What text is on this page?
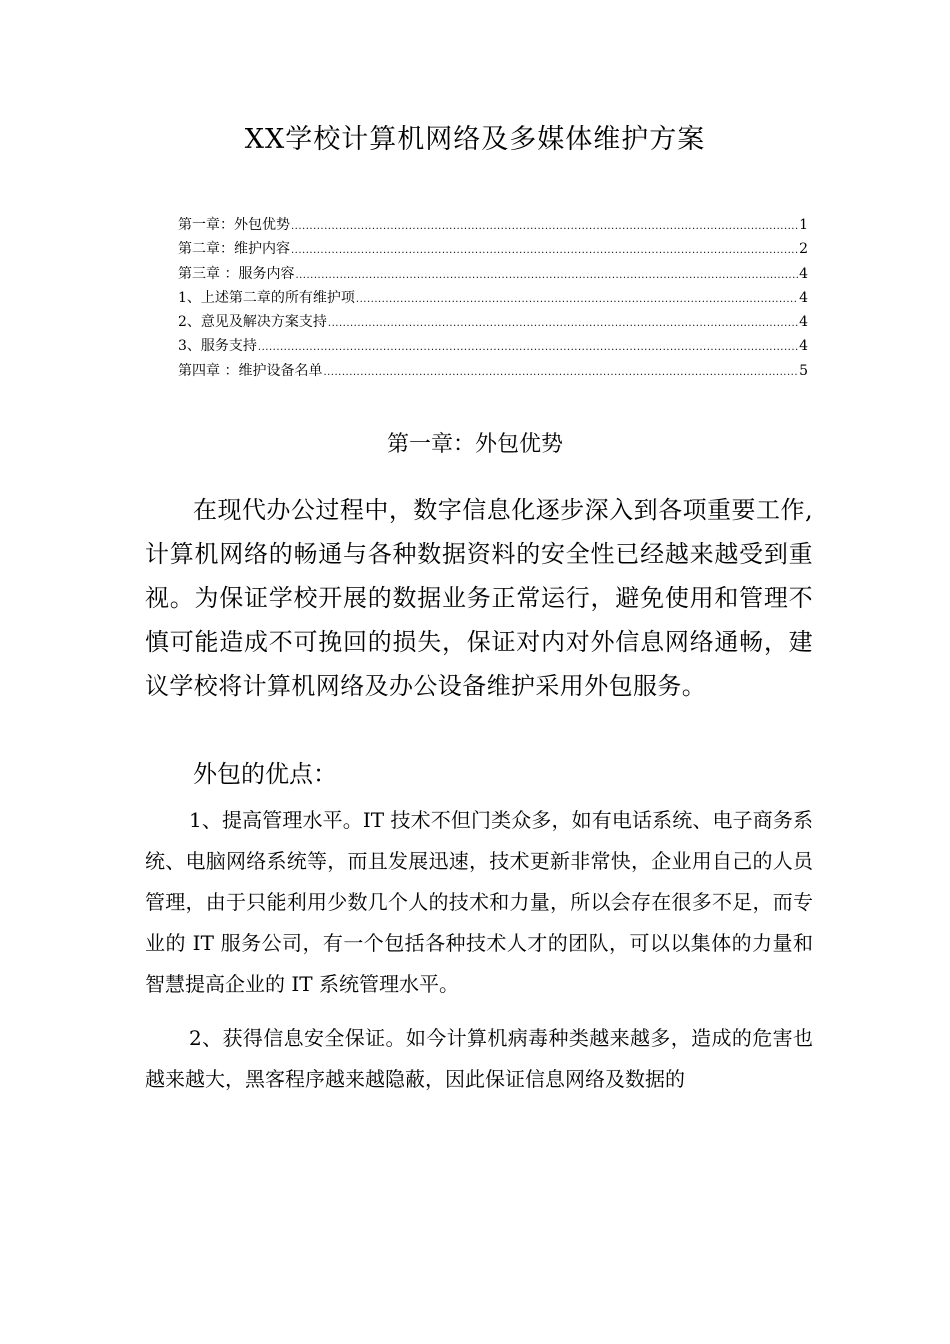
XX学校计算机网络及多媒体维护方案
第一章：外包优势 .....	1
第二章：维护内容 .....	2
第三章 ：服务内容 .....	4
1、上述第二章的所有维护项 .....	4
2、意见及解决方案支持 .....	4
3、服务支持 .....	4
第四章 ：维护设备名单 .....	5
第一章：外包优势

在现代办公过程中，数字信息化逐步深入到各项重要工作,计算机网络的畅通与各种数据资料的安全性已经越来越受到重视。为保证学校开展的数据业务正常运行，避免使用和管理不慎可能造成不可挽回的损失，保证对内对外信息网络通畅，建议学校将计算机网络及办公设备维护采用外包服务。

外包的优点：

1、提高管理水平。IT 技术不但门类众多，如有电话系统、电子商务系统、电脑网络系统等，而且发展迅速，技术更新非常快，企业用自己的人员管理，由于只能利用少数几个人的技术和力量，所以会存在很多不足，而专业的 IT 服务公司，有一个包括各种技术人才的团队，可以以集体的力量和智慧提高企业的 IT 系统管理水平。

2、获得信息安全保证。如今计算机病毒种类越来越多，造成的危害也越来越大，黑客程序越来越隐蔽，因此保证信息网络及数据的
